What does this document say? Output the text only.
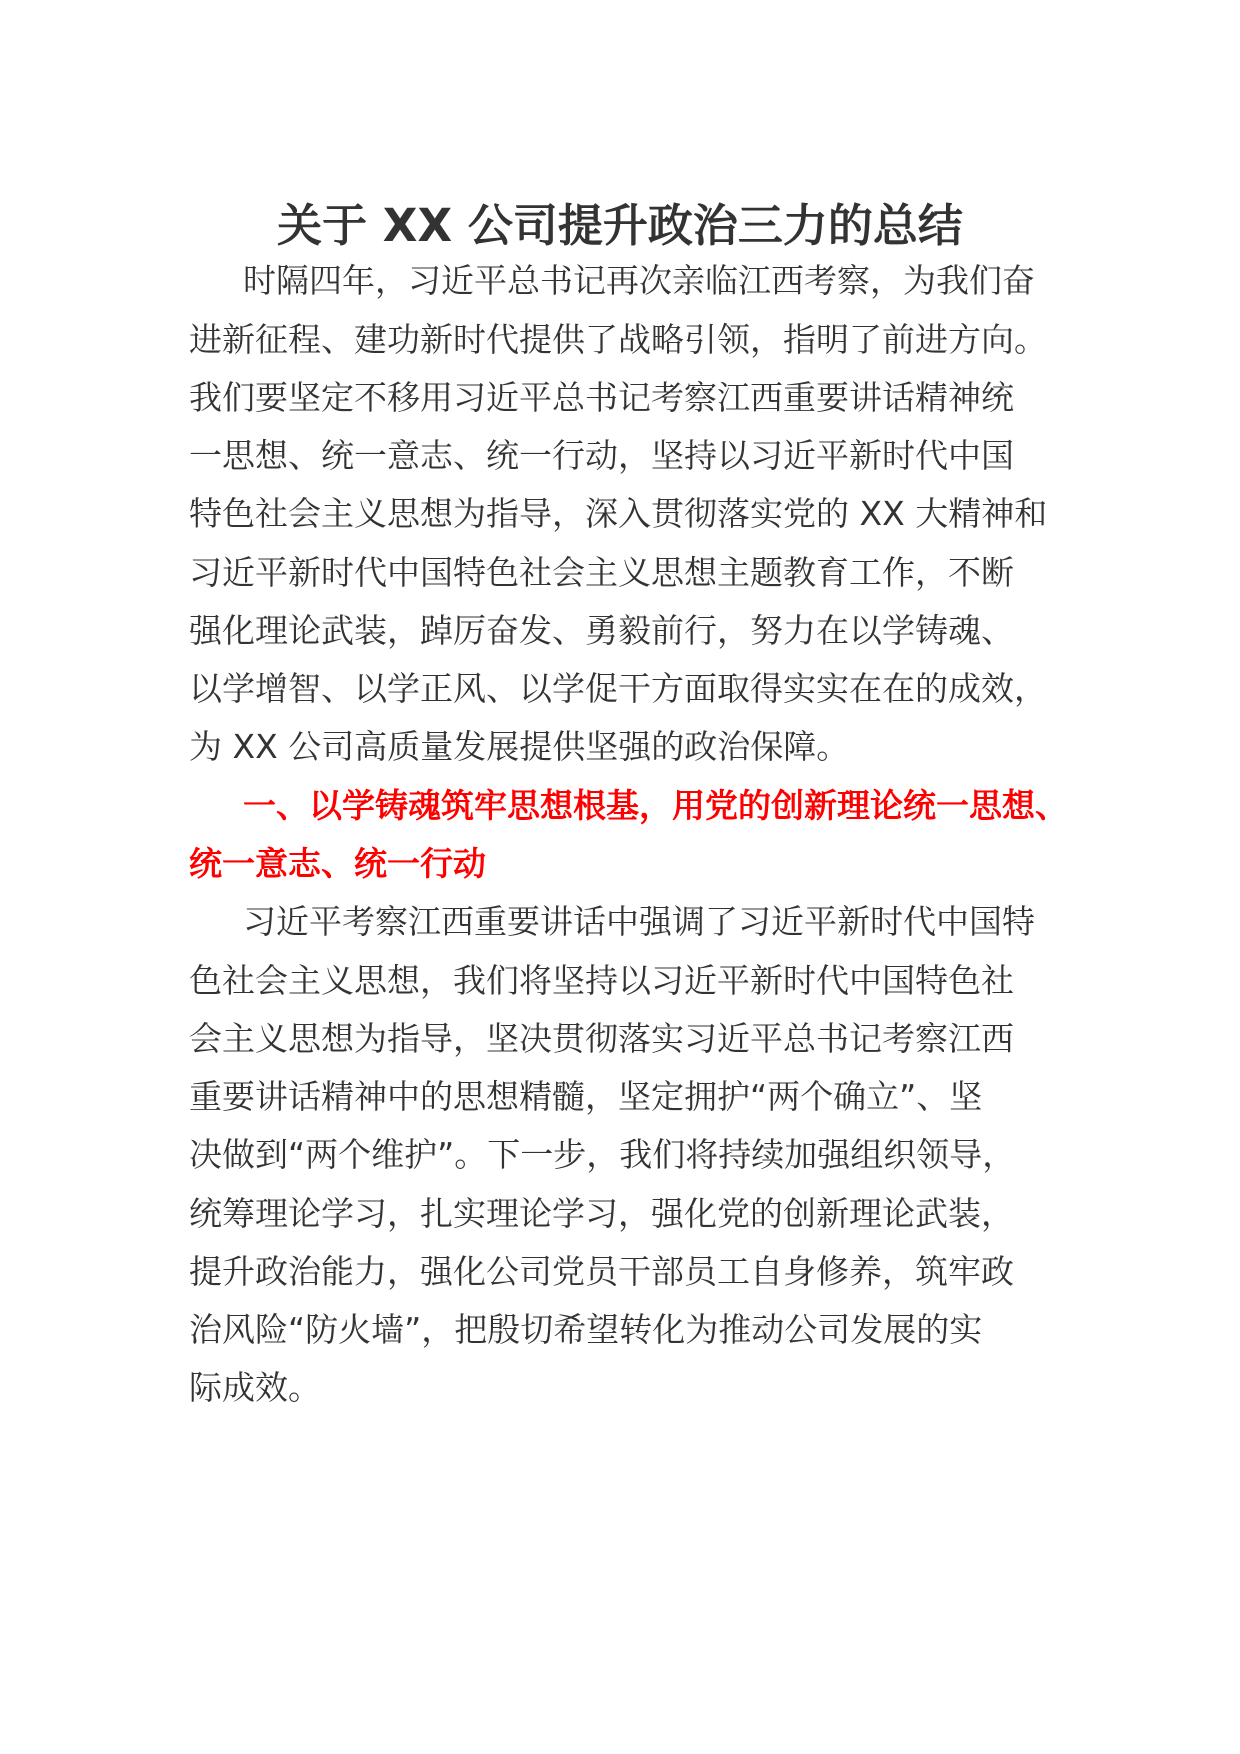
关于 XX 公司提升政治三力的总结
时隔四年，习近平总书记再次亲临江西考察，为我们奋
进新征程、建功新时代提供了战略引领，指明了前进方向。
我们要坚定不移用习近平总书记考察江西重要讲话精神统
一思想、统一意志、统一行动，坚持以习近平新时代中国
特色社会主义思想为指导，深入贯彻落实党的 XX 大精神和
习近平新时代中国特色社会主义思想主题教育工作，不断
强化理论武装，踔厉奋发、勇毅前行，努力在以学铸魂、
以学增智、以学正风、以学促干方面取得实实在在的成效，
为 XX 公司高质量发展提供坚强的政治保障。
一、以学铸魂筑牢思想根基，用党的创新理论统一思想、
统一意志、统一行动
习近平考察江西重要讲话中强调了习近平新时代中国特
色社会主义思想，我们将坚持以习近平新时代中国特色社
会主义思想为指导，坚决贯彻落实习近平总书记考察江西
重要讲话精神中的思想精髓，坚定拥护“两个确立”、坚
决做到“两个维护”。下一步，我们将持续加强组织领导，
统筹理论学习，扎实理论学习，强化党的创新理论武装，
提升政治能力，强化公司党员干部员工自身修养，筑牢政
治风险“防火墙”，把殷切希望转化为推动公司发展的实
际成效。
